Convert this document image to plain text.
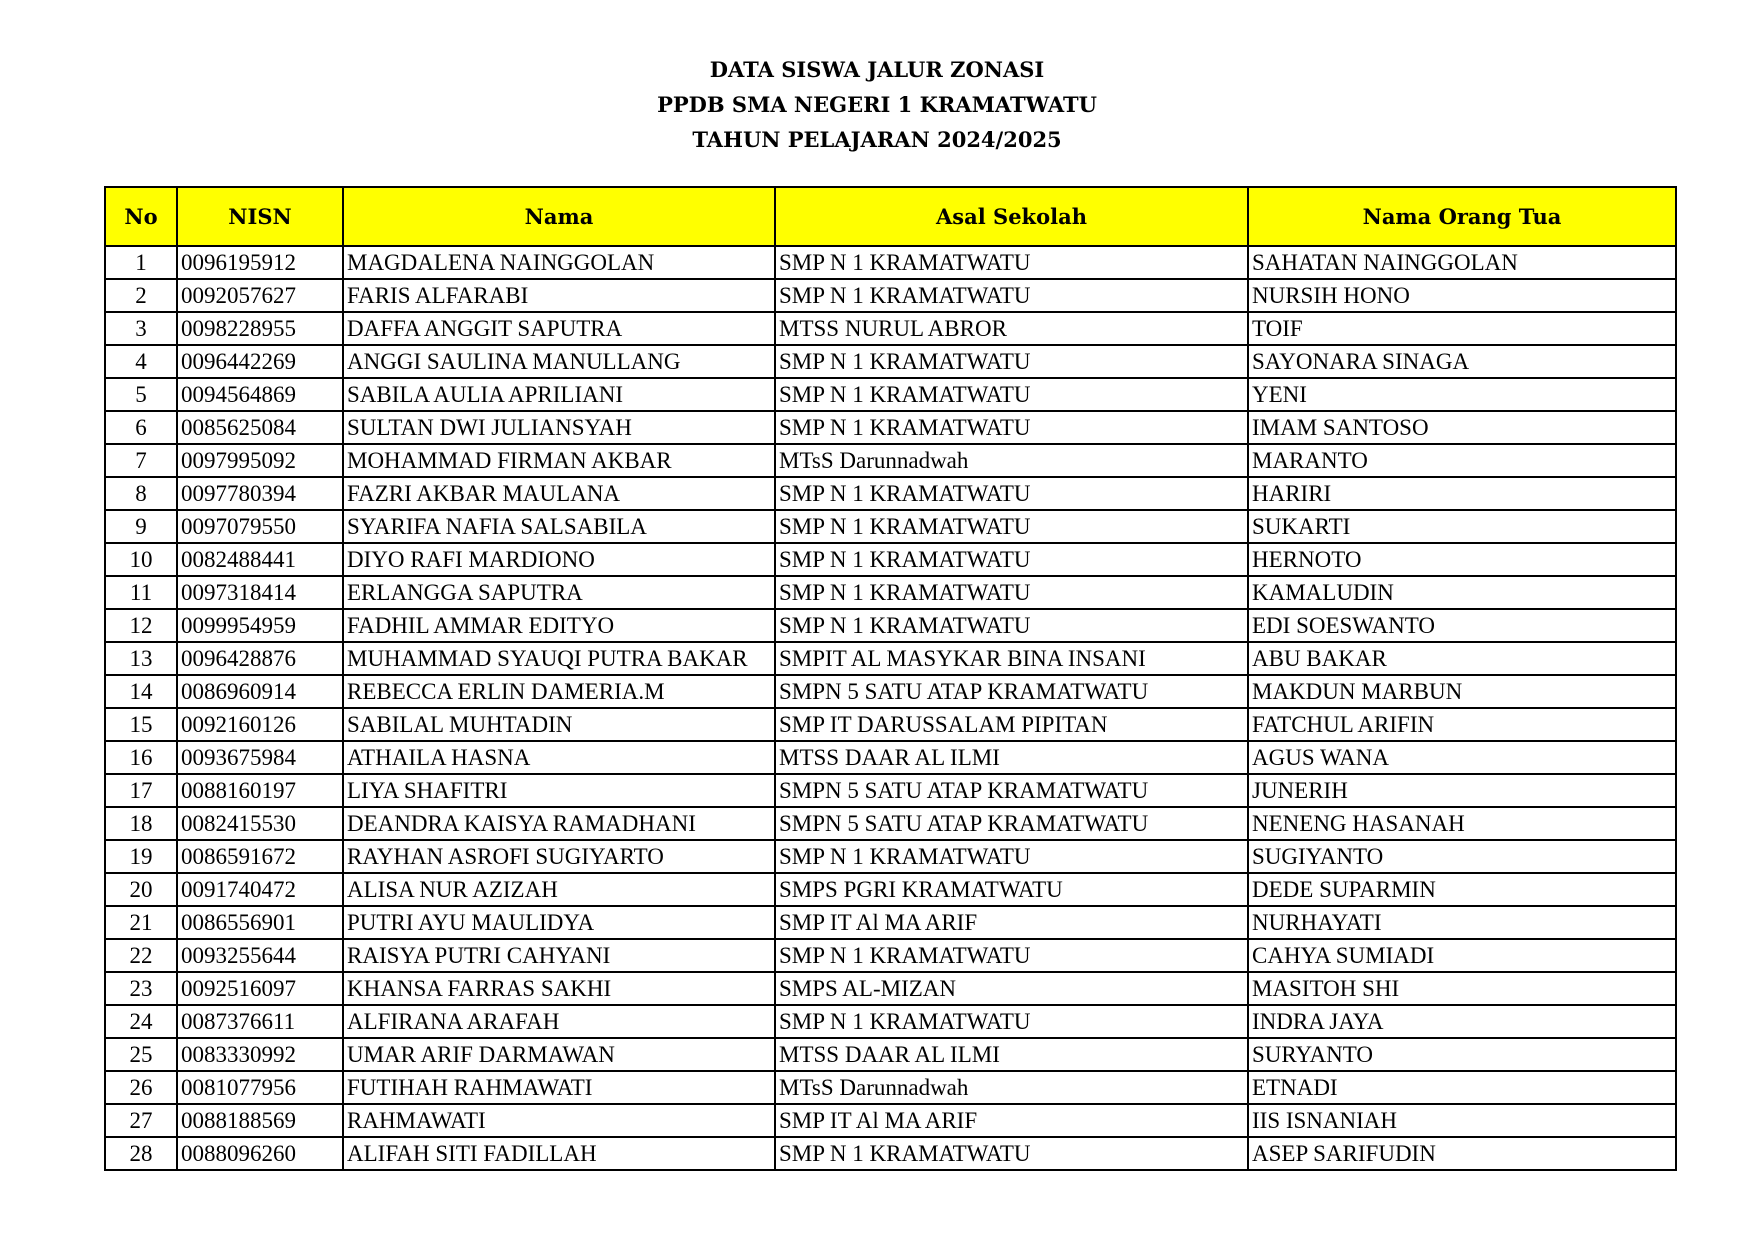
DATA SISWA JALUR ZONASI
PPDB SMA NEGERI 1 KRAMATWATU
TAHUN PELAJARAN 2024/2025
No	NISN	Nama	Asal Sekolah	Nama Orang Tua
1	0096195912	MAGDALENA NAINGGOLAN	SMP N 1 KRAMATWATU	SAHATAN NAINGGOLAN
2	0092057627	FARIS ALFARABI	SMP N 1 KRAMATWATU	NURSIH HONO
3	0098228955	DAFFA ANGGIT SAPUTRA	MTSS NURUL ABROR	TOIF
4	0096442269	ANGGI SAULINA MANULLANG	SMP N 1 KRAMATWATU	SAYONARA SINAGA
5	0094564869	SABILA AULIA APRILIANI	SMP N 1 KRAMATWATU	YENI
6	0085625084	SULTAN DWI JULIANSYAH	SMP N 1 KRAMATWATU	IMAM SANTOSO
7	0097995092	MOHAMMAD FIRMAN AKBAR	MTsS Darunnadwah	MARANTO
8	0097780394	FAZRI AKBAR MAULANA	SMP N 1 KRAMATWATU	HARIRI
9	0097079550	SYARIFA NAFIA SALSABILA	SMP N 1 KRAMATWATU	SUKARTI
10	0082488441	DIYO RAFI MARDIONO	SMP N 1 KRAMATWATU	HERNOTO
11	0097318414	ERLANGGA SAPUTRA	SMP N 1 KRAMATWATU	KAMALUDIN
12	0099954959	FADHIL AMMAR EDITYO	SMP N 1 KRAMATWATU	EDI SOESWANTO
13	0096428876	MUHAMMAD SYAUQI PUTRA BAKAR	SMPIT AL MASYKAR BINA INSANI	ABU BAKAR
14	0086960914	REBECCA ERLIN DAMERIA.M	SMPN 5 SATU ATAP KRAMATWATU	MAKDUN MARBUN
15	0092160126	SABILAL MUHTADIN	SMP IT DARUSSALAM PIPITAN	FATCHUL ARIFIN
16	0093675984	ATHAILA HASNA	MTSS DAAR AL ILMI	AGUS WANA
17	0088160197	LIYA SHAFITRI	SMPN 5 SATU ATAP KRAMATWATU	JUNERIH
18	0082415530	DEANDRA KAISYA RAMADHANI	SMPN 5 SATU ATAP KRAMATWATU	NENENG HASANAH
19	0086591672	RAYHAN ASROFI SUGIYARTO	SMP N 1 KRAMATWATU	SUGIYANTO
20	0091740472	ALISA NUR AZIZAH	SMPS PGRI KRAMATWATU	DEDE SUPARMIN
21	0086556901	PUTRI AYU MAULIDYA	SMP IT Al MA ARIF	NURHAYATI
22	0093255644	RAISYA PUTRI CAHYANI	SMP N 1 KRAMATWATU	CAHYA SUMIADI
23	0092516097	KHANSA FARRAS SAKHI	SMPS AL-MIZAN	MASITOH SHI
24	0087376611	ALFIRANA ARAFAH	SMP N 1 KRAMATWATU	INDRA JAYA
25	0083330992	UMAR ARIF DARMAWAN	MTSS DAAR AL ILMI	SURYANTO
26	0081077956	FUTIHAH RAHMAWATI	MTsS Darunnadwah	ETNADI
27	0088188569	RAHMAWATI	SMP IT Al MA ARIF	IIS ISNANIAH
28	0088096260	ALIFAH SITI FADILLAH	SMP N 1 KRAMATWATU	ASEP SARIFUDIN
